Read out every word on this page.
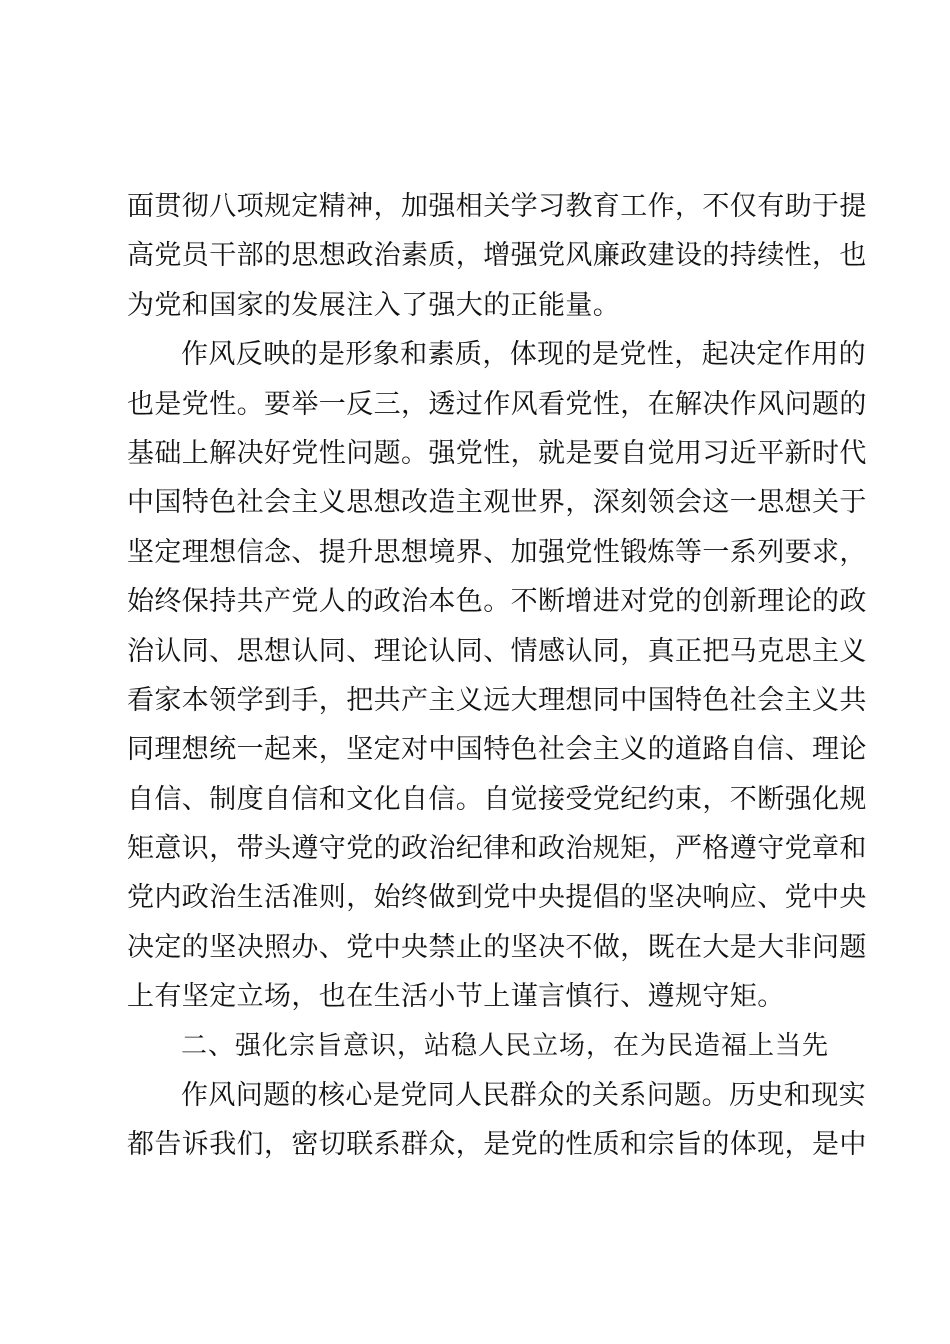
面贯彻八项规定精神，加强相关学习教育工作，不仅有助于提
高党员干部的思想政治素质，增强党风廉政建设的持续性，也
为党和国家的发展注入了强大的正能量。
作风反映的是形象和素质，体现的是党性，起决定作用的
也是党性。要举一反三，透过作风看党性，在解决作风问题的
基础上解决好党性问题。强党性，就是要自觉用习近平新时代
中国特色社会主义思想改造主观世界，深刻领会这一思想关于
坚定理想信念、提升思想境界、加强党性锻炼等一系列要求，
始终保持共产党人的政治本色。不断增进对党的创新理论的政
治认同、思想认同、理论认同、情感认同，真正把马克思主义
看家本领学到手，把共产主义远大理想同中国特色社会主义共
同理想统一起来，坚定对中国特色社会主义的道路自信、理论
自信、制度自信和文化自信。自觉接受党纪约束，不断强化规
矩意识，带头遵守党的政治纪律和政治规矩，严格遵守党章和
党内政治生活准则，始终做到党中央提倡的坚决响应、党中央
决定的坚决照办、党中央禁止的坚决不做，既在大是大非问题
上有坚定立场，也在生活小节上谨言慎行、遵规守矩。
二、强化宗旨意识，站稳人民立场，在为民造福上当先
作风问题的核心是党同人民群众的关系问题。历史和现实
都告诉我们，密切联系群众，是党的性质和宗旨的体现，是中
